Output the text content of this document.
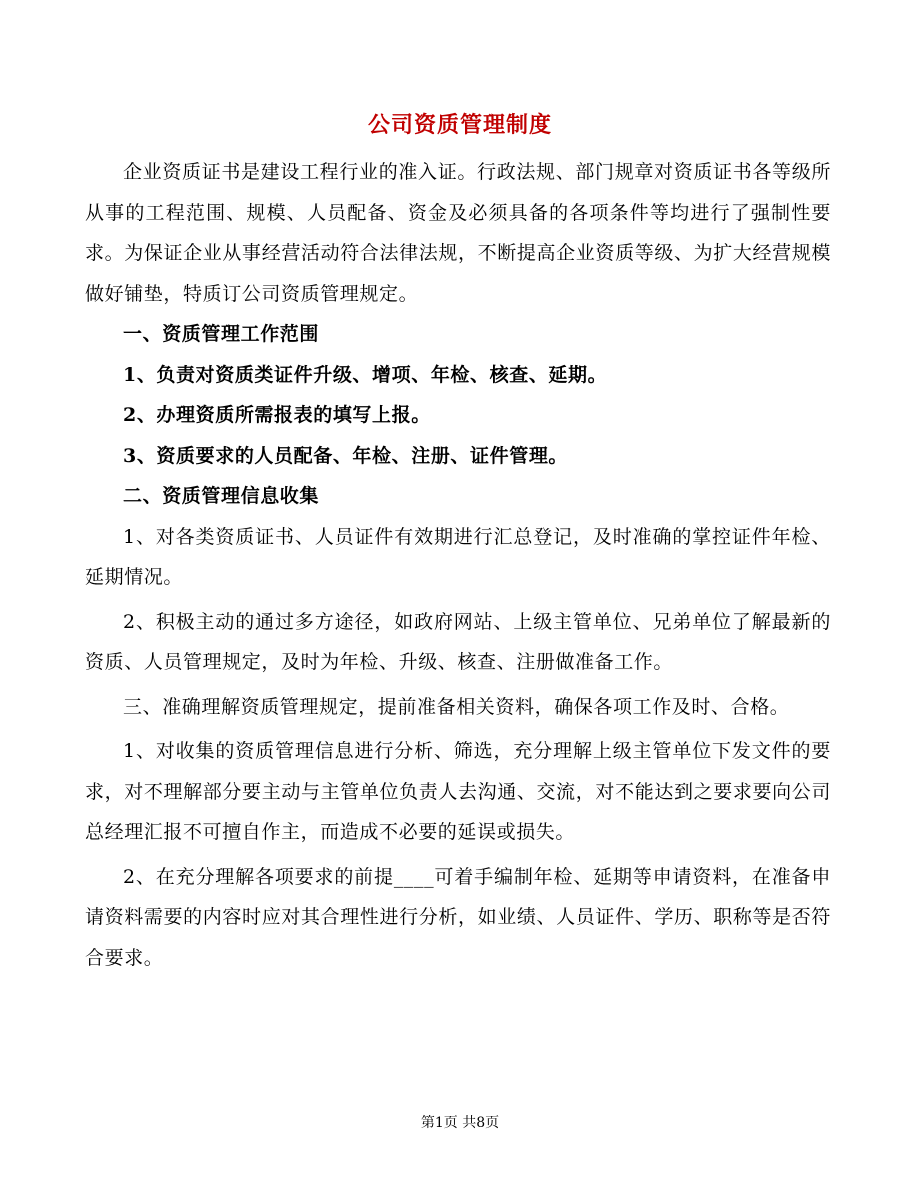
公司资质管理制度

企业资质证书是建设工程行业的准入证。行政法规、部门规章对资质证书各等级所从事的工程范围、规模、人员配备、资金及必须具备的各项条件等均进行了强制性要求。为保证企业从事经营活动符合法律法规，不断提高企业资质等级、为扩大经营规模做好铺垫，特质订公司资质管理规定。

一、资质管理工作范围

1、负责对资质类证件升级、增项、年检、核查、延期。

2、办理资质所需报表的填写上报。

3、资质要求的人员配备、年检、注册、证件管理。

二、资质管理信息收集

1、对各类资质证书、人员证件有效期进行汇总登记，及时准确的掌控证件年检、延期情况。

2、积极主动的通过多方途径，如政府网站、上级主管单位、兄弟单位了解最新的资质、人员管理规定，及时为年检、升级、核查、注册做准备工作。

三、准确理解资质管理规定，提前准备相关资料，确保各项工作及时、合格。

1、对收集的资质管理信息进行分析、筛选，充分理解上级主管单位下发文件的要求，对不理解部分要主动与主管单位负责人去沟通、交流，对不能达到之要求要向公司总经理汇报不可擅自作主，而造成不必要的延误或损失。

2、在充分理解各项要求的前提____可着手编制年检、延期等申请资料，在准备申请资料需要的内容时应对其合理性进行分析，如业绩、人员证件、学历、职称等是否符合要求。

第1页 共8页
